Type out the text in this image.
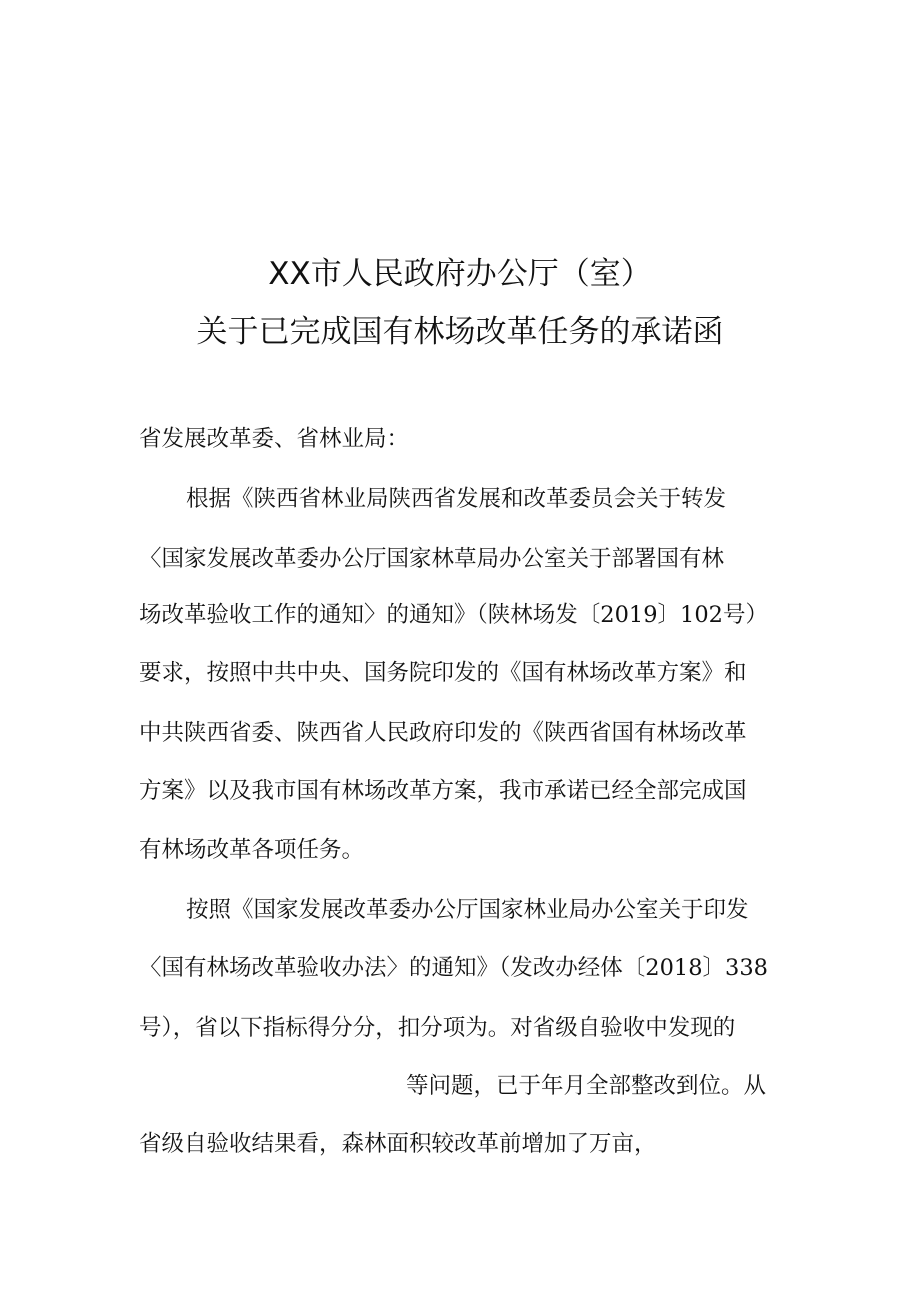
XX市人民政府办公厅（室）
关于已完成国有林场改革任务的承诺函
省发展改革委、省林业局：
根据《陕西省林业局陕西省发展和改革委员会关于转发
〈国家发展改革委办公厅国家林草局办公室关于部署国有林
场改革验收工作的通知〉的通知》（陕林场发〔2019〕102号）
要求，按照中共中央、国务院印发的《国有林场改革方案》和
中共陕西省委、陕西省人民政府印发的《陕西省国有林场改革
方案》以及我市国有林场改革方案，我市承诺已经全部完成国
有林场改革各项任务。
按照《国家发展改革委办公厅国家林业局办公室关于印发
〈国有林场改革验收办法〉的通知》（发改办经体〔2018〕338
号），省以下指标得分分，扣分项为。对省级自验收中发现的
等问题，已于年月全部整改到位。从
省级自验收结果看，森林面积较改革前增加了万亩，
